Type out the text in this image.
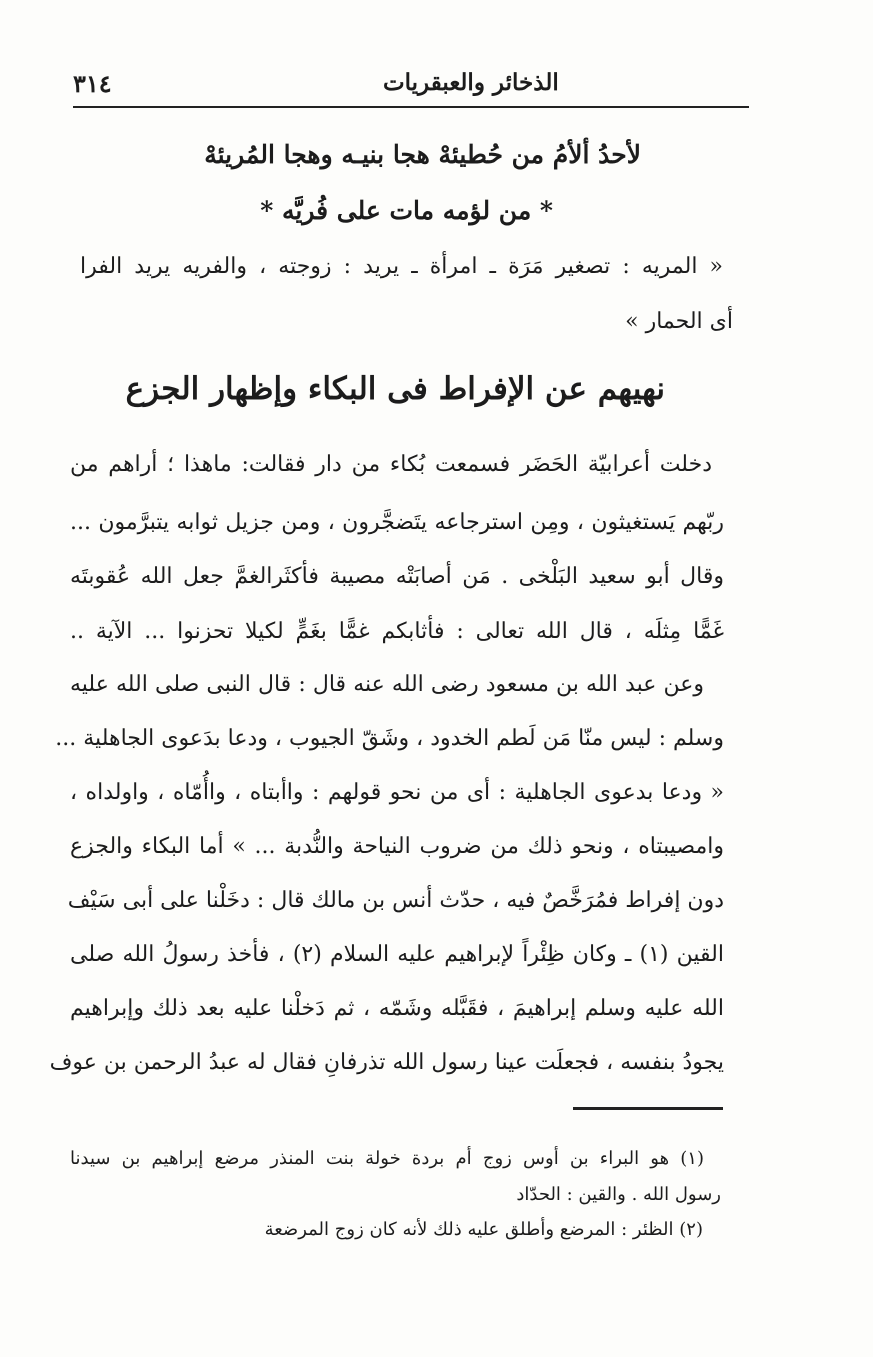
٣١٤	الذخائر والعبقريات
لأحدُ ألأمُ من حُطيئهْ هجا بنيـه وهجا المُريئهْ
* من لؤمه مات على فُريَّه *
« المريه : تصغير مَرَة ـ امرأة ـ يريد : زوجته ، والفريه يريد الفرا
أى الحمار »
نهيهم عن الإفراط فى البكاء وإظهار الجزع
دخلت أعرابيّة الحَضَر فسمعت بُكاء من دار فقالت: ماهذا ؛ أراهم من
ربّهم يَستغيثون ، ومِن استرجاعه يتَضجَّرون ، ومن جزيل ثوابه يتبرَّمون ...
وقال أبو سعيد البَلْخى . مَن أصابَتْه مصيبة فأكثَرالغمَّ جعل الله عُقوبتَه
غَمًّا مِثلَه ، قال الله تعالى : فأثابكم غمًّا بغَمٍّ لكيلا تحزنوا ... الآية ..
وعن عبد الله بن مسعود رضى الله عنه قال : قال النبى صلى الله عليه
وسلم : ليس منّا مَن لَطم الخدود ، وشَقّ الجيوب ، ودعا بدَعوى الجاهلية ...
« ودعا بدعوى الجاهلية : أى من نحو قولهم : واأبتاه ، واأُمّاه ، واولداه ،
وامصيبتاه ، ونحو ذلك من ضروب النياحة والنُّدبة ... » أما البكاء والجزع
دون إفراط فمُرَخَّصٌ فيه ، حدّث أنس بن مالك قال : دخَلْنا على أبى سَيْف
القين (١) ـ وكان ظِئْراً لإبراهيم عليه السلام (٢) ، فأخذ رسولُ الله صلى
الله عليه وسلم إبراهيمَ ، فقَبَّله وشَمّه ، ثم دَخلْنا عليه بعد ذلك وإبراهيم
يجودُ بنفسه ، فجعلَت عينا رسول الله تذرفانِ فقال له عبدُ الرحمن بن عوف
(١) هو البراء بن أوس زوج أم بردة خولة بنت المنذر مرضع إبراهيم بن سيدنا
رسول الله . والقين : الحدّاد
(٢) الظئر : المرضع وأطلق عليه ذلك لأنه كان زوج المرضعة
